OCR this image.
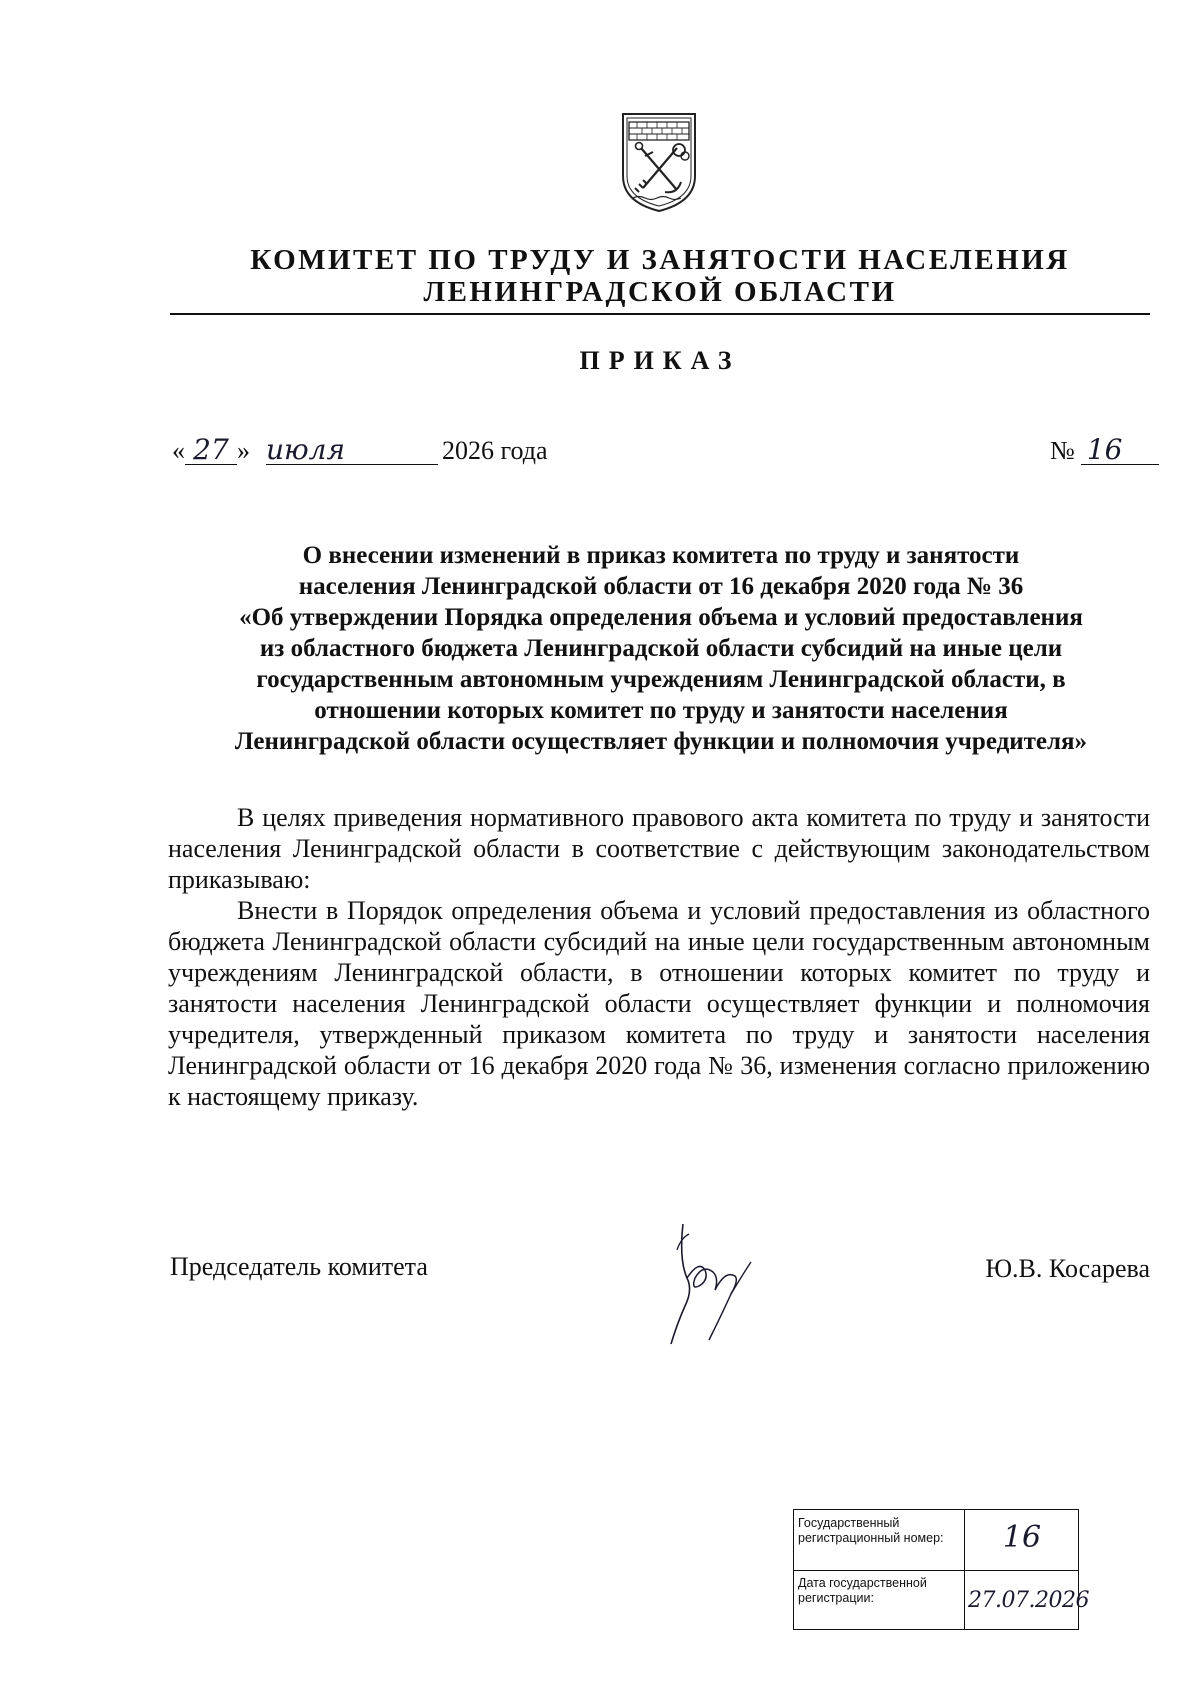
КОМИТЕТ ПО ТРУДУ И ЗАНЯТОСТИ НАСЕЛЕНИЯ
ЛЕНИНГРАДСКОЙ ОБЛАСТИ
ПРИКАЗ
« 27 » июля	2026 года	№ 16
О внесении изменений в приказ комитета по труду и занятости
населения Ленинградской области от 16 декабря 2020 года № 36
«Об утверждении Порядка определения объема и условий предоставления
из областного бюджета Ленинградской области субсидий на иные цели
государственным автономным учреждениям Ленинградской области, в
отношении которых комитет по труду и занятости населения
Ленинградской области осуществляет функции и полномочия учредителя»

В целях приведения нормативного правового акта комитета по труду и занятости населения Ленинградской области в соответствие с действующим законодательством приказываю:

Внести в Порядок определения объема и условий предоставления из областного бюджета Ленинградской области субсидий на иные цели государственным автономным учреждениям Ленинградской области, в отношении которых комитет по труду и занятости населения Ленинградской области осуществляет функции и полномочия учредителя, утвержденный приказом комитета по труду и занятости населения Ленинградской области от 16 декабря 2020 года № 36, изменения согласно приложению к настоящему приказу.

Председатель комитета	Ю.В. Косарева
Государственный регистрационный номер:	16
Дата государственной регистрации:	27.07.2026
